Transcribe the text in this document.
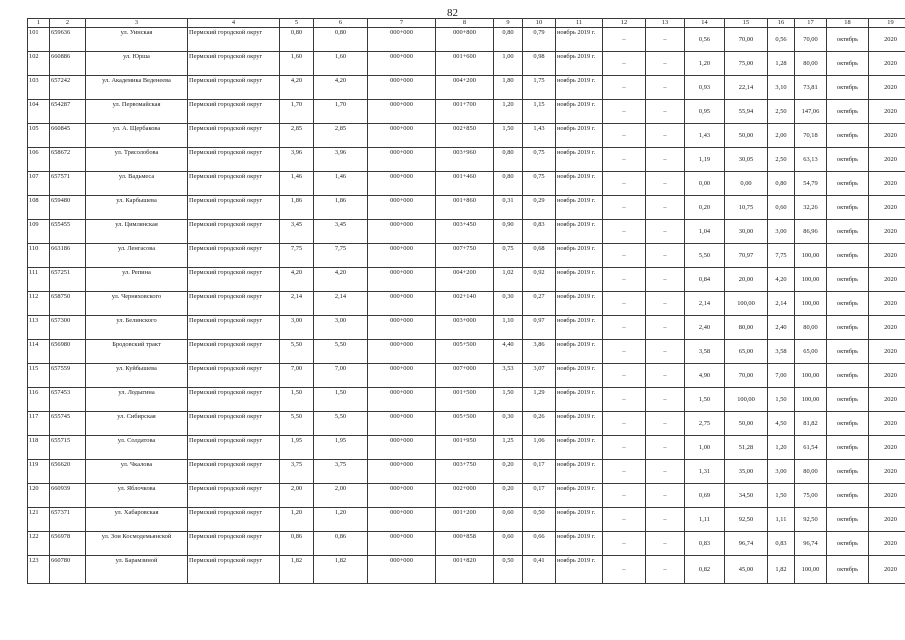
82
1	2	3	4	5	6	7	8	9	10	11	12	13	14	15	16	17	18	19
101	659636	ул. Уинская	Пермский городской округ	0,80	0,80	000+000	000+800	0,80	0,79	ноябрь 2019 г.	–	–	0,56	70,00	0,56	70,00	октябрь	2020
102	660886	ул. Юрша	Пермский городской округ	1,60	1,60	000+000	001+600	1,00	0,98	ноябрь 2019 г.	–	–	1,20	75,00	1,28	80,00	октябрь	2020
103	657242	ул. Академика Веденеева	Пермский городской округ	4,20	4,20	000+000	004+200	1,80	1,75	ноябрь 2019 г.	–	–	0,93	22,14	3,10	73,81	октябрь	2020
104	654287	ул. Первомайская	Пермский городской округ	1,70	1,70	000+000	001+700	1,20	1,15	ноябрь 2019 г.	–	–	0,95	55,94	2,50	147,06	октябрь	2020
105	660845	ул. А. Щербакова	Пермский городской округ	2,85	2,85	000+000	002+850	1,50	1,43	ноябрь 2019 г.	–	–	1,43	50,00	2,00	70,18	октябрь	2020
106	658672	ул. Трясолобова	Пермский городской округ	3,96	3,96	000+000	003+960	0,80	0,75	ноябрь 2019 г.	–	–	1,19	30,05	2,50	63,13	октябрь	2020
107	657571	ул. Вадьмеса	Пермский городской округ	1,46	1,46	000+000	001+460	0,80	0,75	ноябрь 2019 г.	–	–	0,00	0,00	0,80	54,79	октябрь	2020
108	659480	ул. Карбышева	Пермский городской округ	1,86	1,86	000+000	001+860	0,31	0,29	ноябрь 2019 г.	–	–	0,20	10,75	0,60	32,26	октябрь	2020
109	655455	ул. Цимлянская	Пермский городской округ	3,45	3,45	000+000	003+450	0,90	0,83	ноябрь 2019 г.	–	–	1,04	30,00	3,00	86,96	октябрь	2020
110	663186	ул. Ленгасова	Пермский городской округ	7,75	7,75	000+000	007+750	0,75	0,68	ноябрь 2019 г.	–	–	5,50	70,97	7,75	100,00	октябрь	2020
111	657251	ул. Репина	Пермский городской округ	4,20	4,20	000+000	004+200	1,02	0,92	ноябрь 2019 г.	–	–	0,84	20,00	4,20	100,00	октябрь	2020
112	658750	ул. Черняховского	Пермский городской округ	2,14	2,14	000+000	002+140	0,30	0,27	ноябрь 2019 г.	–	–	2,14	100,00	2,14	100,00	октябрь	2020
113	657300	ул. Белинского	Пермский городской округ	3,00	3,00	000+000	003+000	1,10	0,97	ноябрь 2019 г.	–	–	2,40	80,00	2,40	80,00	октябрь	2020
114	656980	Бродовский тракт	Пермский городской округ	5,50	5,50	000+000	005+500	4,40	3,86	ноябрь 2019 г.	–	–	3,58	65,00	3,58	65,00	октябрь	2020
115	657559	ул. Куйбышева	Пермский городской округ	7,00	7,00	000+000	007+000	3,53	3,07	ноябрь 2019 г.	–	–	4,90	70,00	7,00	100,00	октябрь	2020
116	657453	ул. Лодыгина	Пермский городской округ	1,50	1,50	000+000	001+500	1,50	1,29	ноябрь 2019 г.	–	–	1,50	100,00	1,50	100,00	октябрь	2020
117	655745	ул. Сибирская	Пермский городской округ	5,50	5,50	000+000	005+500	0,30	0,26	ноябрь 2019 г.	–	–	2,75	50,00	4,50	81,82	октябрь	2020
118	655715	ул. Солдатова	Пермский городской округ	1,95	1,95	000+000	001+950	1,25	1,06	ноябрь 2019 г.	–	–	1,00	51,28	1,20	61,54	октябрь	2020
119	656620	ул. Чкалова	Пермский городской округ	3,75	3,75	000+000	003+750	0,20	0,17	ноябрь 2019 г.	–	–	1,31	35,00	3,00	80,00	октябрь	2020
120	660939	ул. Яблочкова	Пермский городской округ	2,00	2,00	000+000	002+000	0,20	0,17	ноябрь 2019 г.	–	–	0,69	34,50	1,50	75,00	октябрь	2020
121	657371	ул. Хабаровская	Пермский городской округ	1,20	1,20	000+000	001+200	0,60	0,50	ноябрь 2019 г.	–	–	1,11	92,50	1,11	92,50	октябрь	2020
122	656978	ул. Зои Космодемьянской	Пермский городской округ	0,86	0,86	000+000	000+858	0,60	0,66	ноябрь 2019 г.	–	–	0,83	96,74	0,83	96,74	октябрь	2020
123	660780	ул. Барамзиной	Пермский городской округ	1,82	1,82	000+000	001+820	0,50	0,41	ноябрь 2019 г.	–	–	0,82	45,00	1,82	100,00	октябрь	2020
